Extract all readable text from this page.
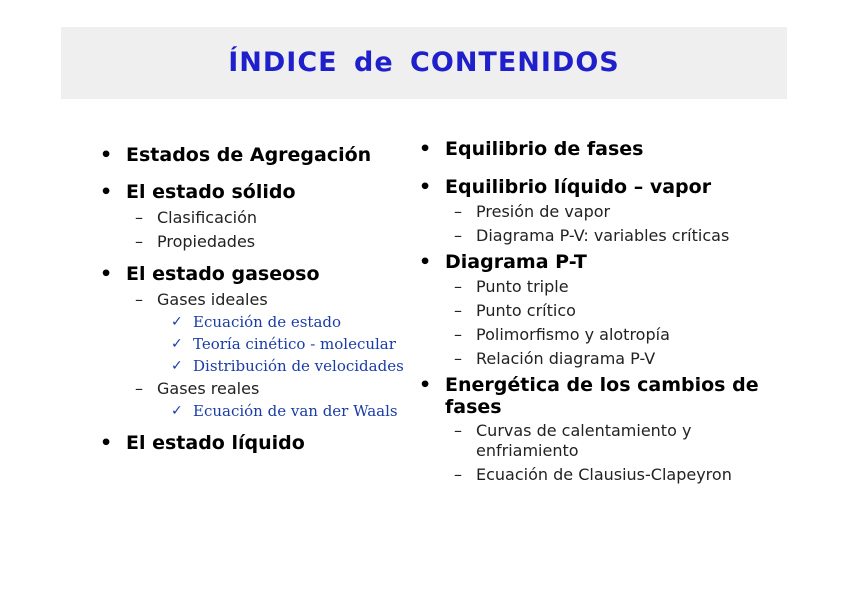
ÍNDICE de CONTENIDOS
• Estados de Agregación
• El estado sólido
– Clasificación
– Propiedades
• El estado gaseoso
– Gases ideales
✓ Ecuación de estado
✓ Teoría cinético - molecular
✓ Distribución de velocidades
– Gases reales
✓ Ecuación de van der Waals
• El estado líquido
• Equilibrio de fases
• Equilibrio líquido – vapor
– Presión de vapor
– Diagrama P-V: variables críticas
• Diagrama P-T
– Punto triple
– Punto crítico
– Polimorfismo y alotropía
– Relación diagrama P-V
• Energética de los cambios de
fases
– Curvas de calentamiento y
enfriamiento
– Ecuación de Clausius-Clapeyron
